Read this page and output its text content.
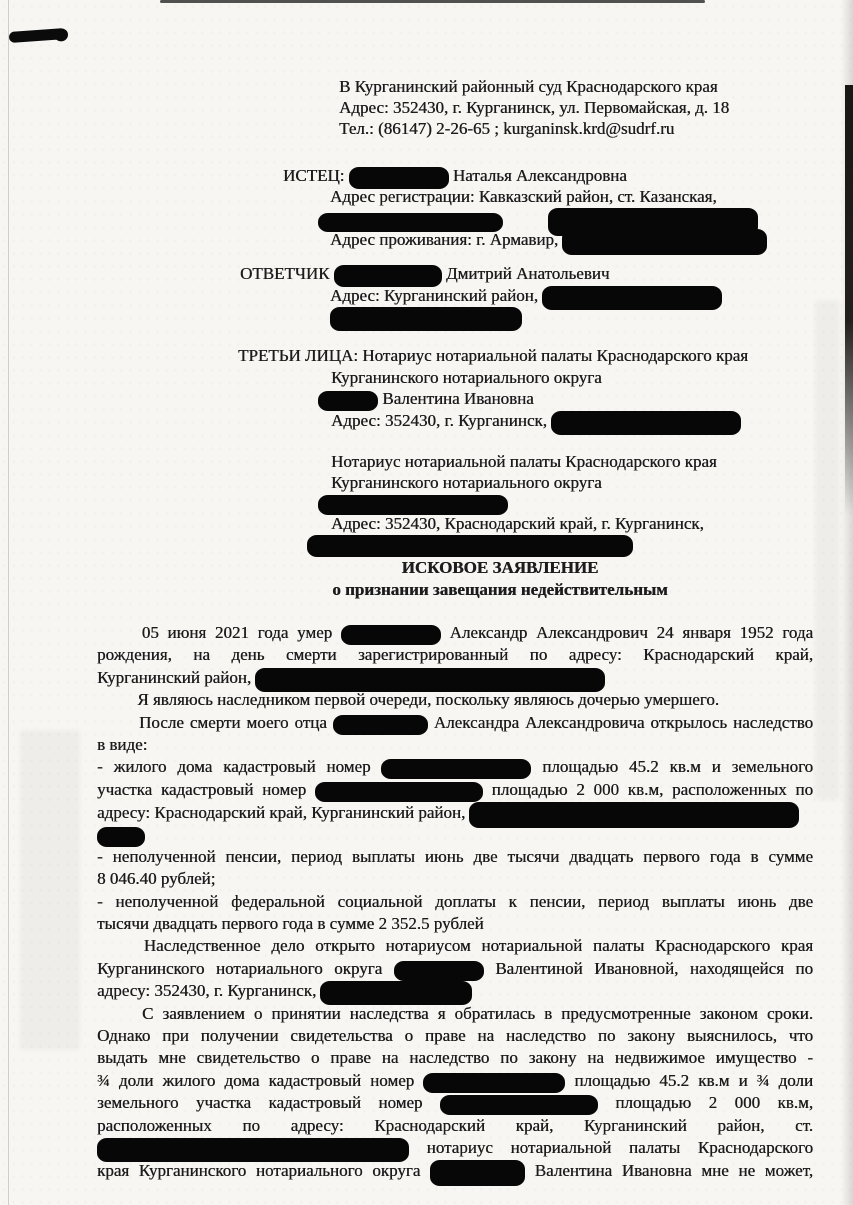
В Курганинский районный суд Краснодарского края
Адрес: 352430, г. Курганинск, ул. Первомайская, д. 18
Тел.: (86147) 2-26-65 ; kurganinsk.krd@sudrf.ru
ИСТЕЦ:	Наталья Александровна
Адрес регистрации: Кавказский район, ст. Казанская,

Адрес проживания: г. Армавир,
ОТВЕТЧИК	Дмитрий Анатольевич
Адрес: Курганинский район,
ТРЕТЬИ ЛИЦА: Нотариус нотариальной палаты Краснодарского края
Курганинского нотариального округа
Валентина Ивановна
Адрес: 352430, г. Курганинск,
Нотариус нотариальной палаты Краснодарского края
Курганинского нотариального округа
Адрес: 352430, Краснодарский край, г. Курганинск,
ИСКОВОЕ ЗАЯВЛЕНИЕ
о признании завещания недействительным
05 июня 2021 года умер	Александр Александрович 24 января 1952 года
рождения, на день смерти зарегистрированный по адресу: Краснодарский край,
Курганинский район,
Я являюсь наследником первой очереди, поскольку являюсь дочерью умершего.
После смерти моего отца	Александра Александровича открылось наследство
в виде:
- жилого дома кадастровый номер	площадью 45.2 кв.м и земельного
участка кадастровый номер	площадью 2 000 кв.м, расположенных по
адресу: Краснодарский край, Курганинский район,
- неполученной пенсии, период выплаты июнь две тысячи двадцать первого года в сумме
8 046.40 рублей;
- неполученной федеральной социальной доплаты к пенсии, период выплаты июнь две
тысячи двадцать первого года в сумме 2 352.5 рублей
Наследственное дело открыто нотариусом нотариальной палаты Краснодарского края
Курганинского нотариального округа	Валентиной Ивановной, находящейся по
адресу: 352430, г. Курганинск,
С заявлением о принятии наследства я обратилась в предусмотренные законом сроки.
Однако при получении свидетельства о праве на наследство по закону выяснилось, что
выдать мне свидетельство о праве на наследство по закону на недвижимое имущество -
¾ доли жилого дома кадастровый номер	площадью 45.2 кв.м и ¾ доли
земельного участка кадастровый номер	площадью 2 000 кв.м,
расположенных по адресу: Краснодарский край, Курганинский район, ст.
нотариус нотариальной палаты Краснодарского
края Курганинского нотариального округа	Валентина Ивановна мне не может,
